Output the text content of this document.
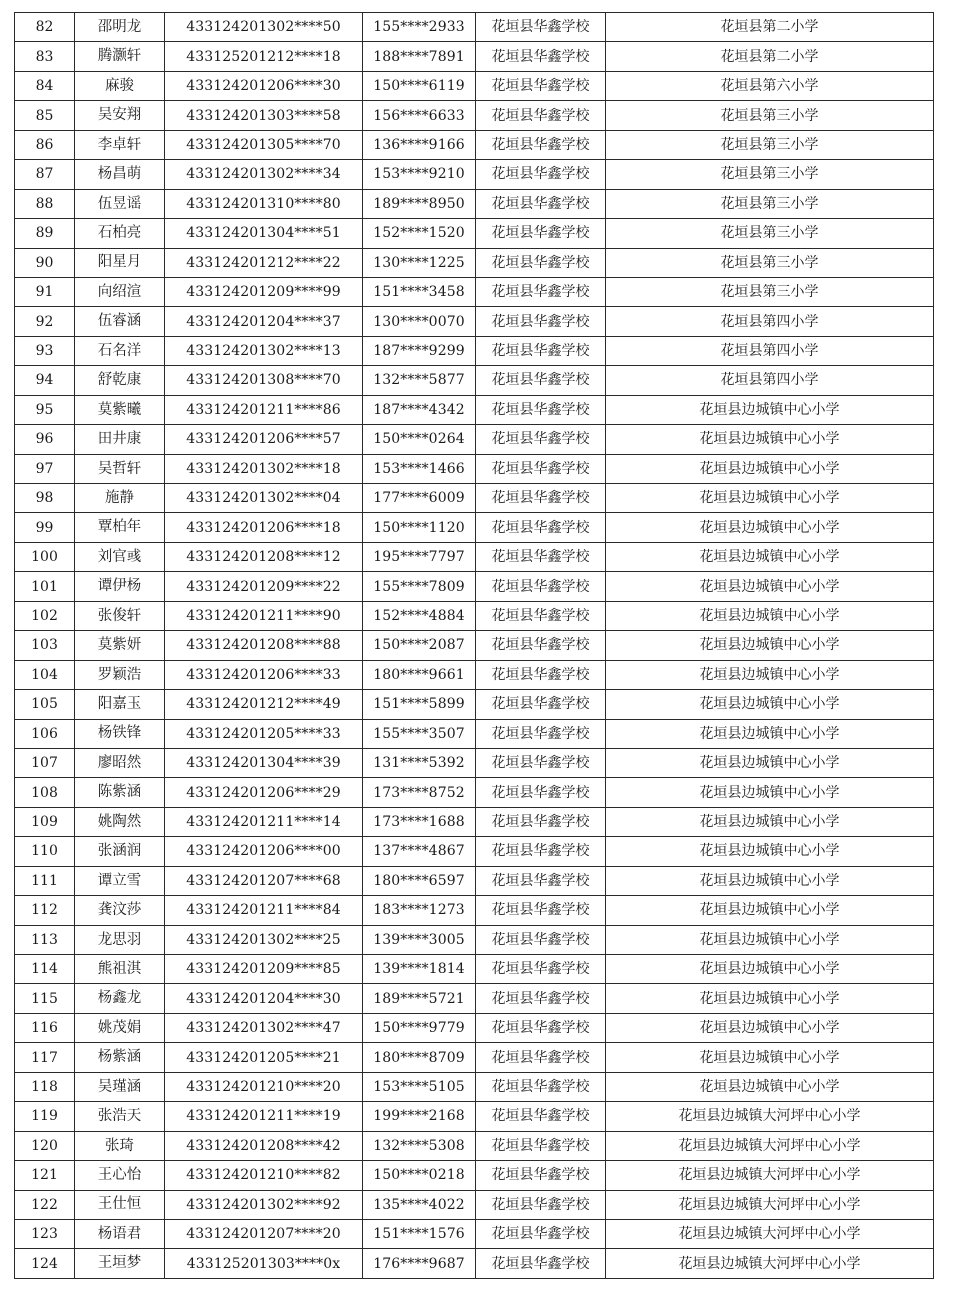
82	邵明龙	433124201302****50	155****2933	花垣县华鑫学校	花垣县第二小学
83	腾灏轩	433125201212****18	188****7891	花垣县华鑫学校	花垣县第二小学
84	麻骏	433124201206****30	150****6119	花垣县华鑫学校	花垣县第六小学
85	吴安翔	433124201303****58	156****6633	花垣县华鑫学校	花垣县第三小学
86	李卓轩	433124201305****70	136****9166	花垣县华鑫学校	花垣县第三小学
87	杨昌萌	433124201302****34	153****9210	花垣县华鑫学校	花垣县第三小学
88	伍昱谣	433124201310****80	189****8950	花垣县华鑫学校	花垣县第三小学
89	石柏亮	433124201304****51	152****1520	花垣县华鑫学校	花垣县第三小学
90	阳星月	433124201212****22	130****1225	花垣县华鑫学校	花垣县第三小学
91	向绍渲	433124201209****99	151****3458	花垣县华鑫学校	花垣县第三小学
92	伍睿涵	433124201204****37	130****0070	花垣县华鑫学校	花垣县第四小学
93	石名洋	433124201302****13	187****9299	花垣县华鑫学校	花垣县第四小学
94	舒乾康	433124201308****70	132****5877	花垣县华鑫学校	花垣县第四小学
95	莫紫曦	433124201211****86	187****4342	花垣县华鑫学校	花垣县边城镇中心小学
96	田井康	433124201206****57	150****0264	花垣县华鑫学校	花垣县边城镇中心小学
97	吴哲轩	433124201302****18	153****1466	花垣县华鑫学校	花垣县边城镇中心小学
98	施静	433124201302****04	177****6009	花垣县华鑫学校	花垣县边城镇中心小学
99	覃柏年	433124201206****18	150****1120	花垣县华鑫学校	花垣县边城镇中心小学
100	刘官彧	433124201208****12	195****7797	花垣县华鑫学校	花垣县边城镇中心小学
101	谭伊杨	433124201209****22	155****7809	花垣县华鑫学校	花垣县边城镇中心小学
102	张俊轩	433124201211****90	152****4884	花垣县华鑫学校	花垣县边城镇中心小学
103	莫紫妍	433124201208****88	150****2087	花垣县华鑫学校	花垣县边城镇中心小学
104	罗颖浩	433124201206****33	180****9661	花垣县华鑫学校	花垣县边城镇中心小学
105	阳嘉玉	433124201212****49	151****5899	花垣县华鑫学校	花垣县边城镇中心小学
106	杨铁锋	433124201205****33	155****3507	花垣县华鑫学校	花垣县边城镇中心小学
107	廖昭然	433124201304****39	131****5392	花垣县华鑫学校	花垣县边城镇中心小学
108	陈紫涵	433124201206****29	173****8752	花垣县华鑫学校	花垣县边城镇中心小学
109	姚陶然	433124201211****14	173****1688	花垣县华鑫学校	花垣县边城镇中心小学
110	张涵润	433124201206****00	137****4867	花垣县华鑫学校	花垣县边城镇中心小学
111	谭立雪	433124201207****68	180****6597	花垣县华鑫学校	花垣县边城镇中心小学
112	龚汶莎	433124201211****84	183****1273	花垣县华鑫学校	花垣县边城镇中心小学
113	龙思羽	433124201302****25	139****3005	花垣县华鑫学校	花垣县边城镇中心小学
114	熊祖淇	433124201209****85	139****1814	花垣县华鑫学校	花垣县边城镇中心小学
115	杨鑫龙	433124201204****30	189****5721	花垣县华鑫学校	花垣县边城镇中心小学
116	姚茂娟	433124201302****47	150****9779	花垣县华鑫学校	花垣县边城镇中心小学
117	杨紫涵	433124201205****21	180****8709	花垣县华鑫学校	花垣县边城镇中心小学
118	吴瑾涵	433124201210****20	153****5105	花垣县华鑫学校	花垣县边城镇中心小学
119	张浩天	433124201211****19	199****2168	花垣县华鑫学校	花垣县边城镇大河坪中心小学
120	张琦	433124201208****42	132****5308	花垣县华鑫学校	花垣县边城镇大河坪中心小学
121	王心怡	433124201210****82	150****0218	花垣县华鑫学校	花垣县边城镇大河坪中心小学
122	王仕恒	433124201302****92	135****4022	花垣县华鑫学校	花垣县边城镇大河坪中心小学
123	杨语君	433124201207****20	151****1576	花垣县华鑫学校	花垣县边城镇大河坪中心小学
124	王垣梦	433125201303****0x	176****9687	花垣县华鑫学校	花垣县边城镇大河坪中心小学
